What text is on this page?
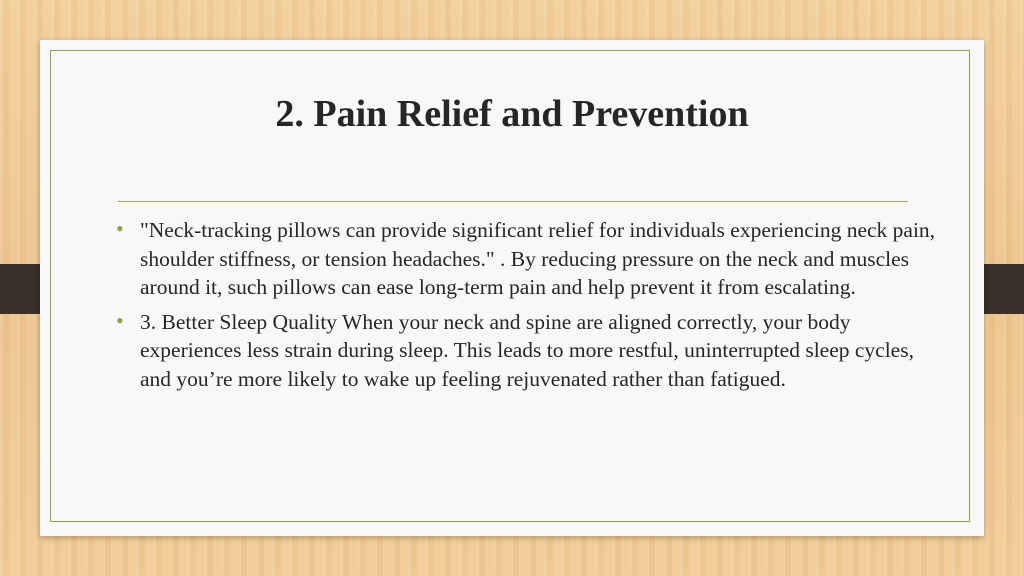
2. Pain Relief and Prevention
• "Neck-tracking pillows can provide significant relief for individuals experiencing neck pain, shoulder stiffness, or tension headaches." . By reducing pressure on the neck and muscles around it, such pillows can ease long-term pain and help prevent it from escalating.
• 3. Better Sleep Quality When your neck and spine are aligned correctly, your body experiences less strain during sleep. This leads to more restful, uninterrupted sleep cycles, and you’re more likely to wake up feeling rejuvenated rather than fatigued.
